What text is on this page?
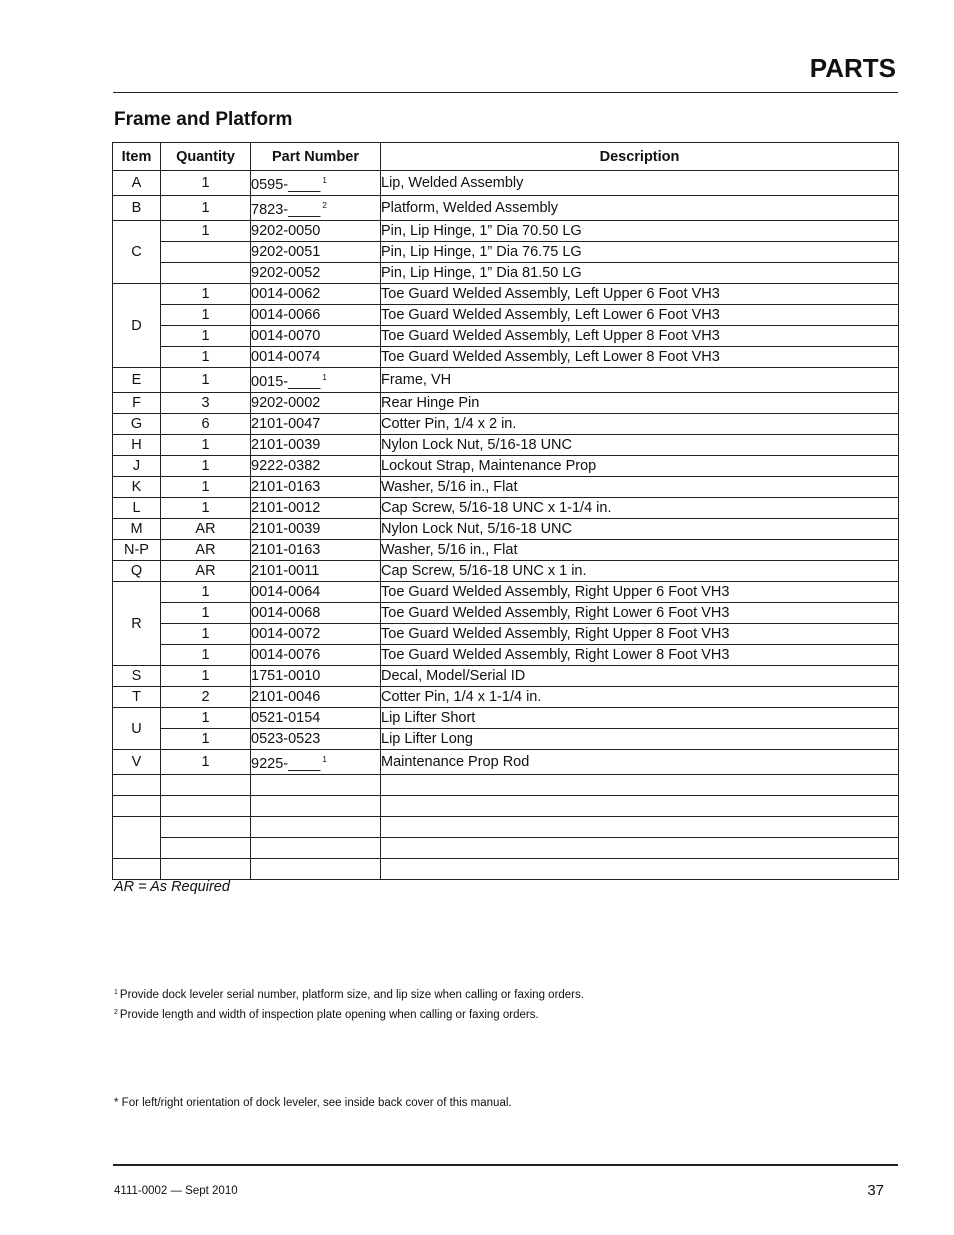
PARTS
Frame and Platform
Item	Quantity	Part Number	Description
A	1	0595-____ $^1$	Lip, Welded Assembly
B	1	7823-____ $^2$	Platform, Welded Assembly
C	1	9202-0050	Pin, Lip Hinge, 1” Dia 70.50 LG
		9202-0051	Pin, Lip Hinge, 1” Dia 76.75 LG
		9202-0052	Pin, Lip Hinge, 1” Dia 81.50 LG
D	1	0014-0062	Toe Guard Welded Assembly, Left Upper 6 Foot VH3
	1	0014-0066	Toe Guard Welded Assembly, Left Lower 6 Foot VH3
	1	0014-0070	Toe Guard Welded Assembly, Left Upper 8 Foot VH3
	1	0014-0074	Toe Guard Welded Assembly, Left Lower 8 Foot VH3
E	1	0015-____ $^1$	Frame, VH
F	3	9202-0002	Rear Hinge Pin
G	6	2101-0047	Cotter Pin, 1/4 x 2 in.
H	1	2101-0039	Nylon Lock Nut, 5/16-18 UNC
J	1	9222-0382	Lockout Strap, Maintenance Prop
K	1	2101-0163	Washer, 5/16 in., Flat
L	1	2101-0012	Cap Screw, 5/16-18 UNC x 1-1/4 in.
M	AR	2101-0039	Nylon Lock Nut, 5/16-18 UNC
N-P	AR	2101-0163	Washer, 5/16 in., Flat
Q	AR	2101-0011	Cap Screw, 5/16-18 UNC x 1 in.
R	1	0014-0064	Toe Guard Welded Assembly, Right Upper 6 Foot VH3
	1	0014-0068	Toe Guard Welded Assembly, Right Lower 6 Foot VH3
	1	0014-0072	Toe Guard Welded Assembly, Right Upper 8 Foot VH3
	1	0014-0076	Toe Guard Welded Assembly, Right Lower 8 Foot VH3
S	1	1751-0010	Decal, Model/Serial ID
T	2	2101-0046	Cotter Pin, 1/4 x 1-1/4 in.
U	1	0521-0154	Lip Lifter Short
	1	0523-0523	Lip Lifter Long
V	1	9225-____ $^1$	Maintenance Prop Rod

AR = As Required
$^1$ Provide dock leveler serial number, platform size, and lip size when calling or faxing orders.
$^2$ Provide length and width of inspection plate opening when calling or faxing orders.
* For left/right orientation of dock leveler, see inside back cover of this manual.
4111-0002 — Sept 2010	37
